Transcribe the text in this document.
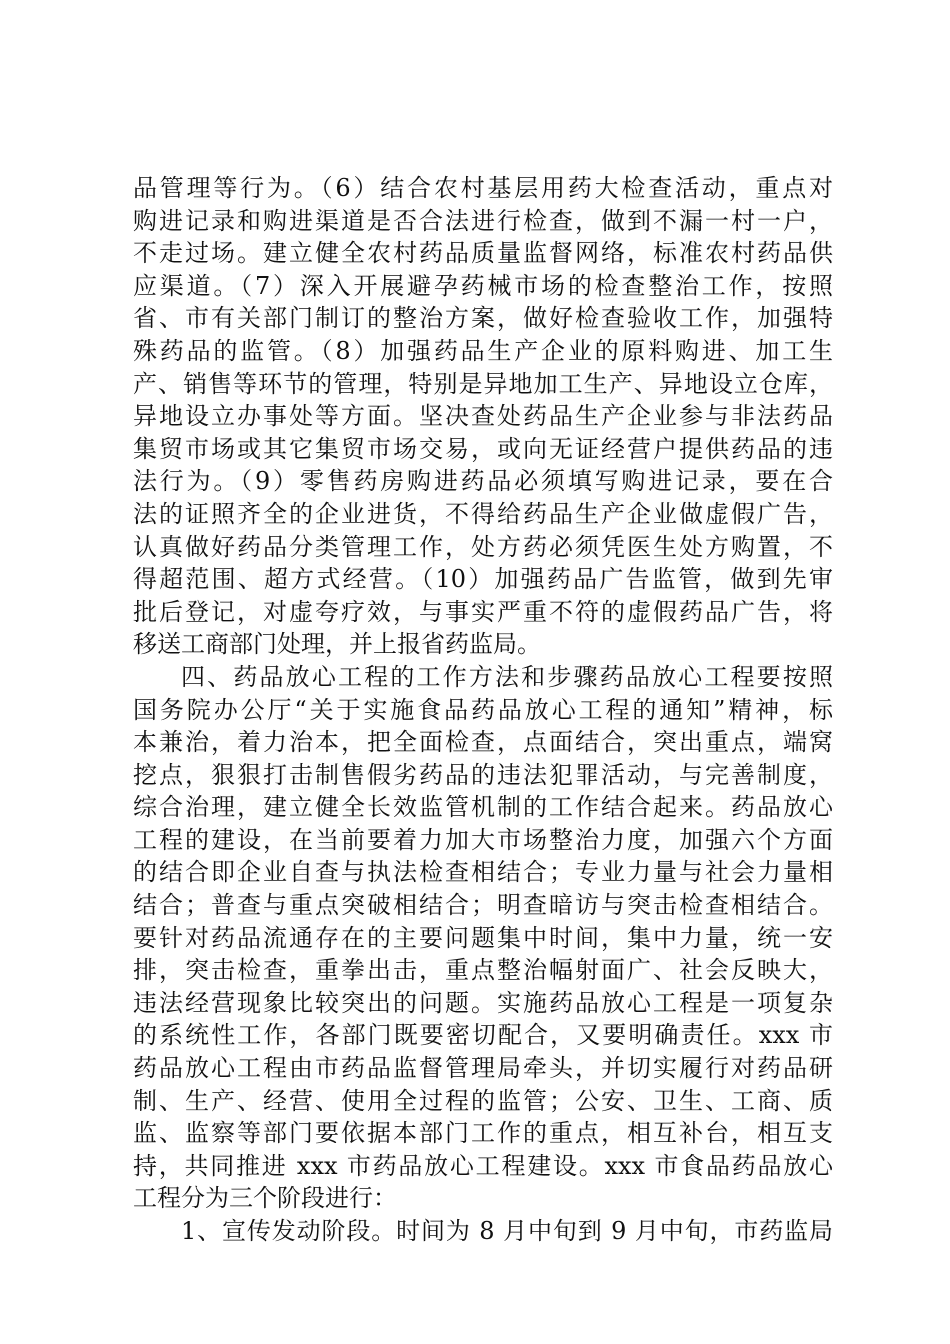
品管理等行为。（6）结合农村基层用药大检查活动，重点对
购进记录和购进渠道是否合法进行检查，做到不漏一村一户，
不走过场。建立健全农村药品质量监督网络，标准农村药品供
应渠道。（7）深入开展避孕药械市场的检查整治工作，按照
省、市有关部门制订的整治方案，做好检查验收工作，加强特
殊药品的监管。（8）加强药品生产企业的原料购进、加工生
产、销售等环节的管理，特别是异地加工生产、异地设立仓库，
异地设立办事处等方面。坚决查处药品生产企业参与非法药品
集贸市场或其它集贸市场交易，或向无证经营户提供药品的违
法行为。（9）零售药房购进药品必须填写购进记录，要在合
法的证照齐全的企业进货，不得给药品生产企业做虚假广告，
认真做好药品分类管理工作，处方药必须凭医生处方购置，不
得超范围、超方式经营。（10）加强药品广告监管，做到先审
批后登记，对虚夸疗效，与事实严重不符的虚假药品广告，将
移送工商部门处理，并上报省药监局。
四、药品放心工程的工作方法和步骤药品放心工程要按照
国务院办公厅“关于实施食品药品放心工程的通知”精神，标
本兼治，着力治本，把全面检查，点面结合，突出重点，端窝
挖点，狠狠打击制售假劣药品的违法犯罪活动，与完善制度，
综合治理，建立健全长效监管机制的工作结合起来。药品放心
工程的建设，在当前要着力加大市场整治力度，加强六个方面
的结合即企业自查与执法检查相结合；专业力量与社会力量相
结合；普查与重点突破相结合；明查暗访与突击检查相结合。
要针对药品流通存在的主要问题集中时间，集中力量，统一安
排，突击检查，重拳出击，重点整治幅射面广、社会反映大，
违法经营现象比较突出的问题。实施药品放心工程是一项复杂
的系统性工作，各部门既要密切配合，又要明确责任。xxx 市
药品放心工程由市药品监督管理局牵头，并切实履行对药品研
制、生产、经营、使用全过程的监管；公安、卫生、工商、质
监、监察等部门要依据本部门工作的重点，相互补台，相互支
持，共同推进 xxx 市药品放心工程建设。xxx 市食品药品放心
工程分为三个阶段进行：
1、宣传发动阶段。时间为 8 月中旬到 9 月中旬，市药监局
